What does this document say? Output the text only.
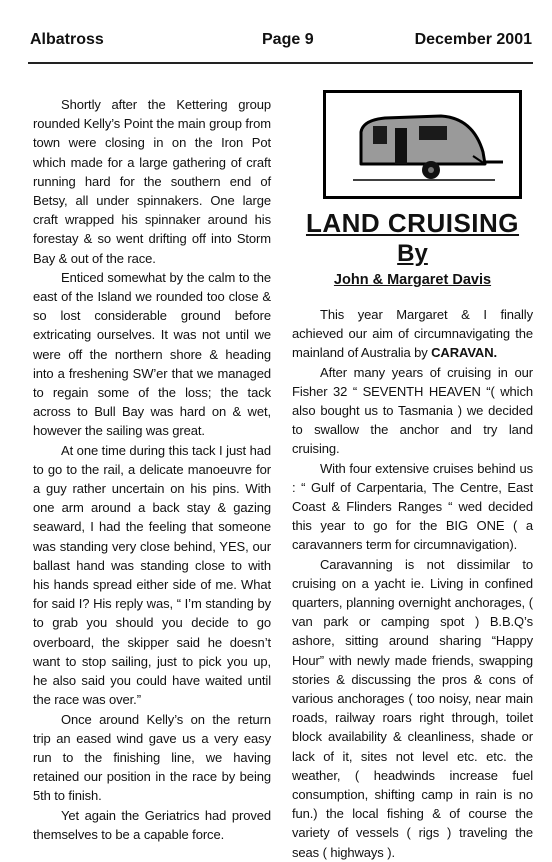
Albatross	Page 9	December 2001

Shortly after the Kettering group rounded Kelly’s Point the main group from town were closing in on the Iron Pot which made for a large gathering of craft running hard for the southern end of Betsy, all under spinnakers. One large craft wrapped his spinnaker around his forestay & so went drifting off into Storm Bay & out of the race.

Enticed somewhat by the calm to the east of the Island we rounded too close & so lost considerable ground before extricating ourselves. It was not until we were off the northern shore & heading into a freshening SW’er that we managed to regain some of the loss; the tack across to Bull Bay was hard on & wet, however the sailing was great.

At one time during this tack I just had to go to the rail, a delicate manoeuvre for a guy rather uncertain on his pins. With one arm around a back stay & gazing seaward, I had the feeling that someone was standing very close behind, YES, our ballast hand was standing close to with his hands spread either side of me. What for said I? His reply was, “ I’m standing by to grab you should you decide to go overboard, the skipper said he doesn’t want to stop sailing, just to pick you up, he also said you could have waited until the race was over.”

Once around Kelly’s on the return trip an eased wind gave us a very easy run to the finishing line, we having retained our position in the race by being 5th to finish.

Yet again the Geriatrics had proved themselves to be a capable force.

LAND CRUISING
By
John & Margaret Davis

This year Margaret & I finally achieved our aim of circumnavigating the mainland of Australia by CARAVAN.

After many years of cruising in our Fisher 32 “ SEVENTH HEAVEN “( which also bought us to Tasmania ) we decided to swallow the anchor and try land cruising.

With four extensive cruises behind us : “ Gulf of Carpentaria, The Centre, East Coast & Flinders Ranges “ wed decided this year to go for the BIG ONE ( a caravanners term for circumnavigation).

Caravanning is not dissimilar to cruising on a yacht ie. Living in confined quarters, planning overnight anchorages, ( van park or camping spot ) B.B.Q’s ashore, sitting around sharing “Happy Hour” with newly made friends, swapping stories & discussing the pros & cons of various anchorages ( too noisy, near main roads, railway roars right through, toilet block availability & cleanliness, shade or lack of it, sites not level etc. etc. the weather, ( headwinds increase fuel consumption, shifting camp in rain is no fun.) the local fishing & of course the variety of vessels ( rigs ) traveling the seas ( highways ).
